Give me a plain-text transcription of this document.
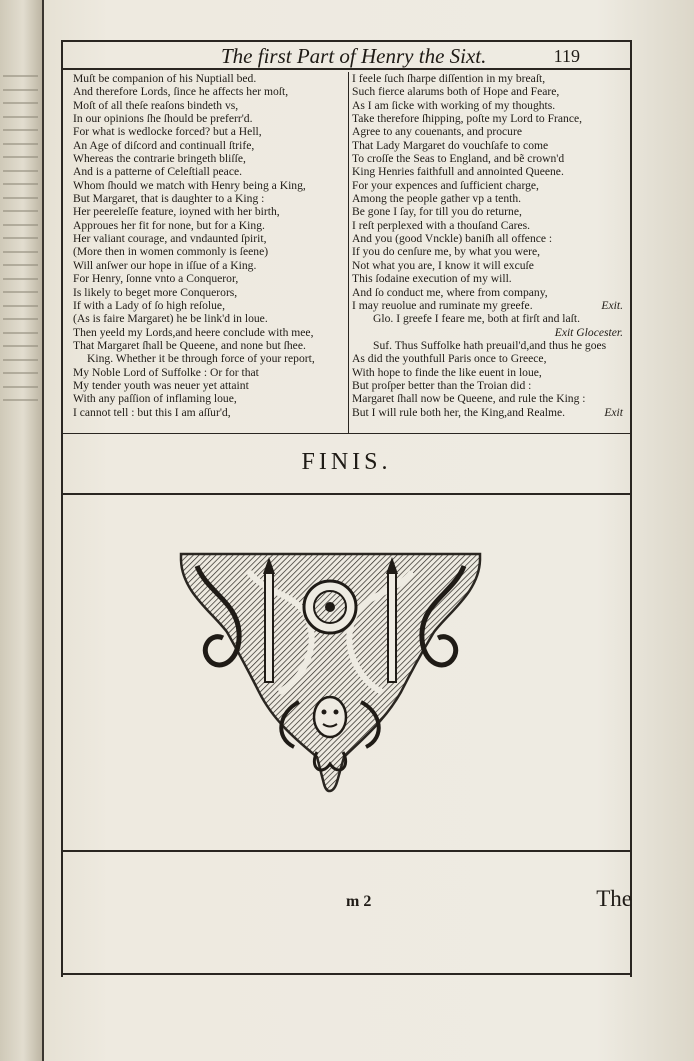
The first Part of Henry the Sixt.	119
Muſt be companion of his Nuptiall bed.
And therefore Lords, ſince he affects her moſt,
Moſt of all theſe reaſons bindeth vs,
In our opinions ſhe ſhould be preferr'd.
For what is wedlocke forced? but a Hell,
An Age of diſcord and continuall ſtrife,
Whereas the contrarie bringeth bliſſe,
And is a patterne of Celeſtiall peace.
Whom ſhould we match with Henry being a King,
But Margaret, that is daughter to a King :
Her peereleſſe feature, ioyned with her birth,
Approues her fit for none, but for a King.
Her valiant courage, and vndaunted ſpirit,
(More then in women commonly is ſeene)
Will anſwer our hope in iſſue of a King.
For Henry, ſonne vnto a Conqueror,
Is likely to beget more Conquerors,
If with a Lady of ſo high reſolue,
(As is faire Margaret) he be link'd in loue.
Then yeeld my Lords,and heere conclude with mee,
That Margaret ſhall be Queene, and none but ſhee.
King. Whether it be through force of your report,
My Noble Lord of Suffolke : Or for that
My tender youth was neuer yet attaint
With any paſſion of inflaming loue,
I cannot tell : but this I am aſſur'd,
I feele ſuch ſharpe diſſention in my breaſt,
Such fierce alarums both of Hope and Feare,
As I am ſicke with working of my thoughts.
Take therefore ſhipping, poſte my Lord to France,
Agree to any couenants, and procure
That Lady Margaret do vouchſafe to come
To croſſe the Seas to England, and bẽ crown'd
King Henries faithfull and annointed Queene.
For your expences and ſufficient charge,
Among the people gather vp a tenth.
Be gone I ſay, for till you do returne,
I reſt perplexed with a thouſand Cares.
And you (good Vnckle) baniſh all offence :
If you do cenſure me, by what you were,
Not what you are, I know it will excuſe
This ſodaine execution of my will.
And ſo conduct me, where from company,
I may reuolue and ruminate my greefe.	Exit.
Glo. I greefe I feare me, both at firſt and laſt.
Exit Glocester.
Suf. Thus Suffolke hath preuail'd,and thus he goes
As did the youthfull Paris once to Greece,
With hope to finde the like euent in loue,
But proſper better than the Troian did :
Margaret ſhall now be Queene, and rule the King :
But I will rule both her, the King,and Realme.	Exit
FINIS.
m 2	The
